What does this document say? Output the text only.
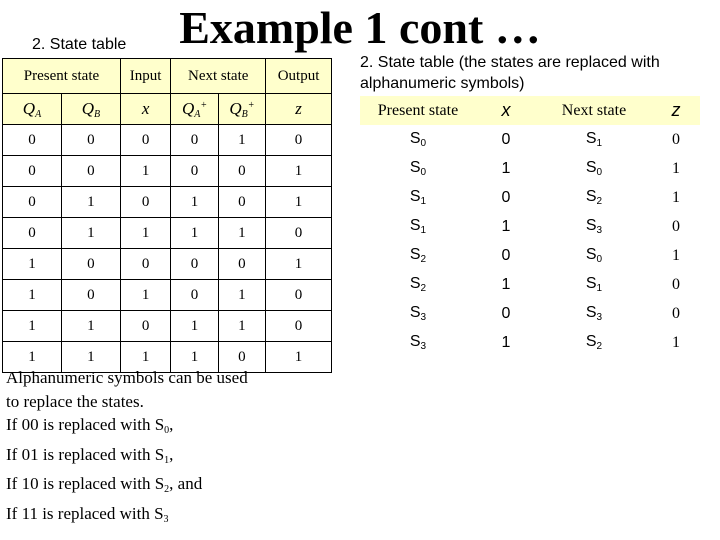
Example 1 cont …
2. State table
2. State table (the states are replaced with alphanumeric symbols)
Present state		Input	Next state		Output
$Q_A$	$Q_B$	x	$Q_A^+$	$Q_B^+$	z
0	0	0	0	1	0
0	0	1	0	0	1
0	1	0	1	0	1
0	1	1	1	1	0
1	0	0	0	0	1
1	0	1	0	1	0
1	1	0	1	1	0
1	1	1	1	0	1
Present state	x	Next state	z
$S_0$	0	$S_1$	0
$S_0$	1	$S_0$	1
$S_1$	0	$S_2$	1
$S_1$	1	$S_3$	0
$S_2$	0	$S_0$	1
$S_2$	1	$S_1$	0
$S_3$	0	$S_3$	0
$S_3$	1	$S_2$	1
Alphanumeric symbols can be used
to replace the states.
If 00 is replaced with $S_0$,
If 01 is replaced with $S_1$,
If 10 is replaced with $S_2$, and
If 11 is replaced with $S_3$
